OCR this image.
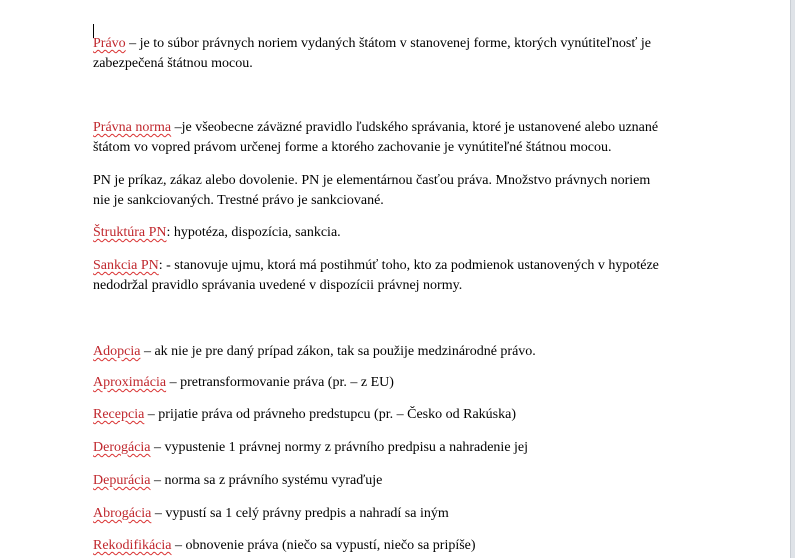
Právo – je to súbor právnych noriem vydaných štátom v stanovenej forme, ktorých vynútiteľnosť je
zabezpečená štátnou mocou.
Právna norma –je všeobecne záväzné pravidlo ľudského správania, ktoré je ustanovené alebo uznané
štátom vo vopred právom určenej forme a ktorého zachovanie je vynútiteľné štátnou mocou.
PN je príkaz, zákaz alebo dovolenie. PN je elementárnou časťou práva. Množstvo právnych noriem
nie je sankciovaných. Trestné právo je sankciované.
Štruktúra PN: hypotéza, dispozícia, sankcia.
Sankcia PN: - stanovuje ujmu, ktorá má postihmúť toho, kto za podmienok ustanovených v hypotéze
nedodržal pravidlo správania uvedené v dispozícii právnej normy.
Adopcia – ak nie je pre daný prípad zákon, tak sa použije medzinárodné právo.
Aproximácia – pretransformovanie práva (pr. – z EU)
Recepcia – prijatie práva od právneho predstupcu (pr. – Česko od Rakúska)
Derogácia – vypustenie 1 právnej normy z právního predpisu a nahradenie jej
Depurácia – norma sa z právního systému vyraďuje
Abrogácia – vypustí sa 1 celý právny predpis a nahradí sa iným
Rekodifikácia – obnovenie práva (niečo sa vypustí, niečo sa pripíše)
